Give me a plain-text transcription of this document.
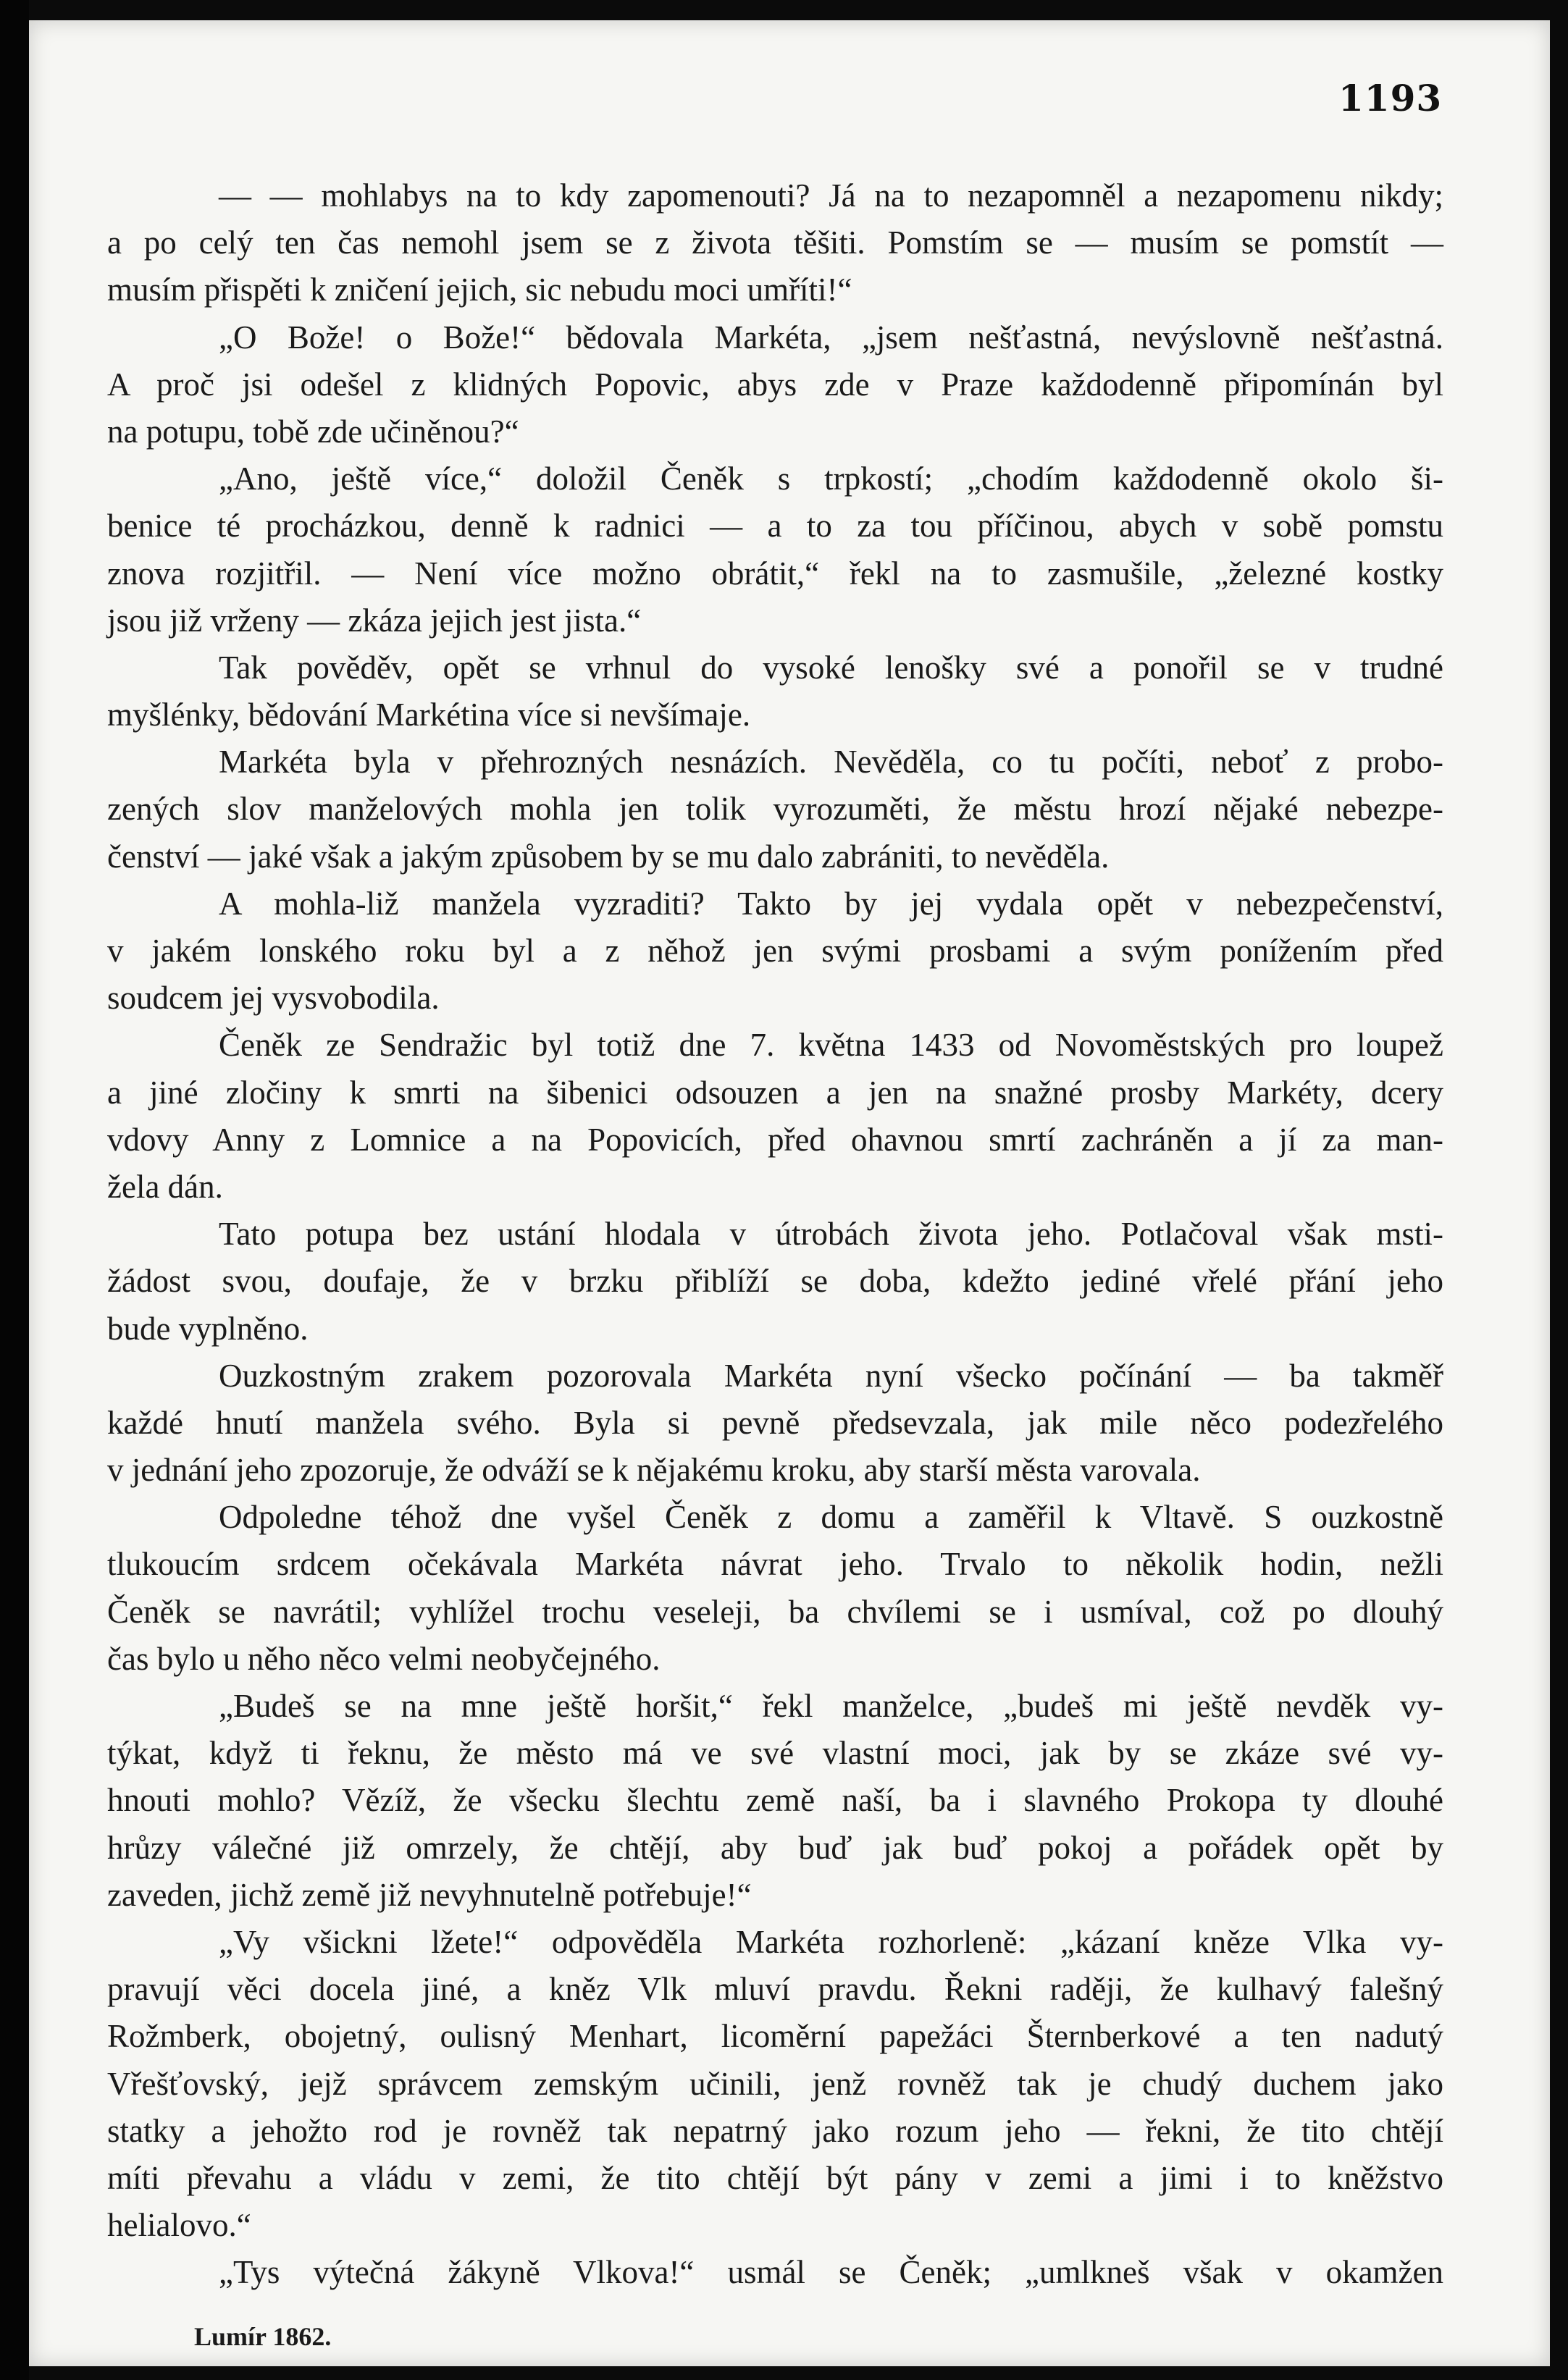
1193
— — mohlabys na to kdy zapomenouti? Já na to nezapomněl a nezapomenu nikdy;
a po celý ten čas nemohl jsem se z života těšiti. Pomstím se — musím se pomstít —
musím přispěti k zničení jejich, sic nebudu moci umříti!“
„O Bože! o Bože!“ bědovala Markéta, „jsem nešťastná, nevýslovně nešťastná.
A proč jsi odešel z klidných Popovic, abys zde v Praze každodenně připomínán byl
na potupu, tobě zde učiněnou?“
„Ano, ještě více,“ doložil Čeněk s trpkostí; „chodím každodenně okolo ši-
benice té procházkou, denně k radnici — a to za tou příčinou, abych v sobě pomstu
znova rozjitřil. — Není více možno obrátit,“ řekl na to zasmušile, „železné kostky
jsou již vrženy — zkáza jejich jest jista.“
Tak pověděv, opět se vrhnul do vysoké lenošky své a ponořil se v trudné
myšlénky, bědování Markétina více si nevšímaje.
Markéta byla v přehrozných nesnázích. Nevěděla, co tu počíti, neboť z probo-
zených slov manželových mohla jen tolik vyrozuměti, že městu hrozí nějaké nebezpe-
čenství — jaké však a jakým způsobem by se mu dalo zabrániti, to nevěděla.
A mohla-liž manžela vyzraditi? Takto by jej vydala opět v nebezpečenství,
v jakém lonského roku byl a z něhož jen svými prosbami a svým ponížením před
soudcem jej vysvobodila.
Čeněk ze Sendražic byl totiž dne 7. května 1433 od Novoměstských pro loupež
a jiné zločiny k smrti na šibenici odsouzen a jen na snažné prosby Markéty, dcery
vdovy Anny z Lomnice a na Popovicích, před ohavnou smrtí zachráněn a jí za man-
žela dán.
Tato potupa bez ustání hlodala v útrobách života jeho. Potlačoval však msti-
žádost svou, doufaje, že v brzku přiblíží se doba, kdežto jediné vřelé přání jeho
bude vyplněno.
Ouzkostným zrakem pozorovala Markéta nyní všecko počínání — ba takměř
každé hnutí manžela svého. Byla si pevně předsevzala, jak mile něco podezřelého
v jednání jeho zpozoruje, že odváží se k nějakému kroku, aby starší města varovala.
Odpoledne téhož dne vyšel Čeněk z domu a zaměřil k Vltavě. S ouzkostně
tlukoucím srdcem očekávala Markéta návrat jeho. Trvalo to několik hodin, nežli
Čeněk se navrátil; vyhlížel trochu veseleji, ba chvílemi se i usmíval, což po dlouhý
čas bylo u něho něco velmi neobyčejného.
„Budeš se na mne ještě horšit,“ řekl manželce, „budeš mi ještě nevděk vy-
týkat, když ti řeknu, že město má ve své vlastní moci, jak by se zkáze své vy-
hnouti mohlo? Vězíž, že všecku šlechtu země naší, ba i slavného Prokopa ty dlouhé
hrůzy válečné již omrzely, že chtějí, aby buď jak buď pokoj a pořádek opět by
zaveden, jichž země již nevyhnutelně potřebuje!“
„Vy všickni lžete!“ odpověděla Markéta rozhorleně: „kázaní kněze Vlka vy-
pravují věci docela jiné, a kněz Vlk mluví pravdu. Řekni raději, že kulhavý falešný
Rožmberk, obojetný, oulisný Menhart, licoměrní papežáci Šternberkové a ten nadutý
Vřešťovský, jejž správcem zemským učinili, jenž rovněž tak je chudý duchem jako
statky a jehožto rod je rovněž tak nepatrný jako rozum jeho — řekni, že tito chtějí
míti převahu a vládu v zemi, že tito chtějí být pány v zemi a jimi i to kněžstvo
helialovo.“
„Tys výtečná žákyně Vlkova!“ usmál se Čeněk; „umlkneš však v okamžen
Lumír 1862.
